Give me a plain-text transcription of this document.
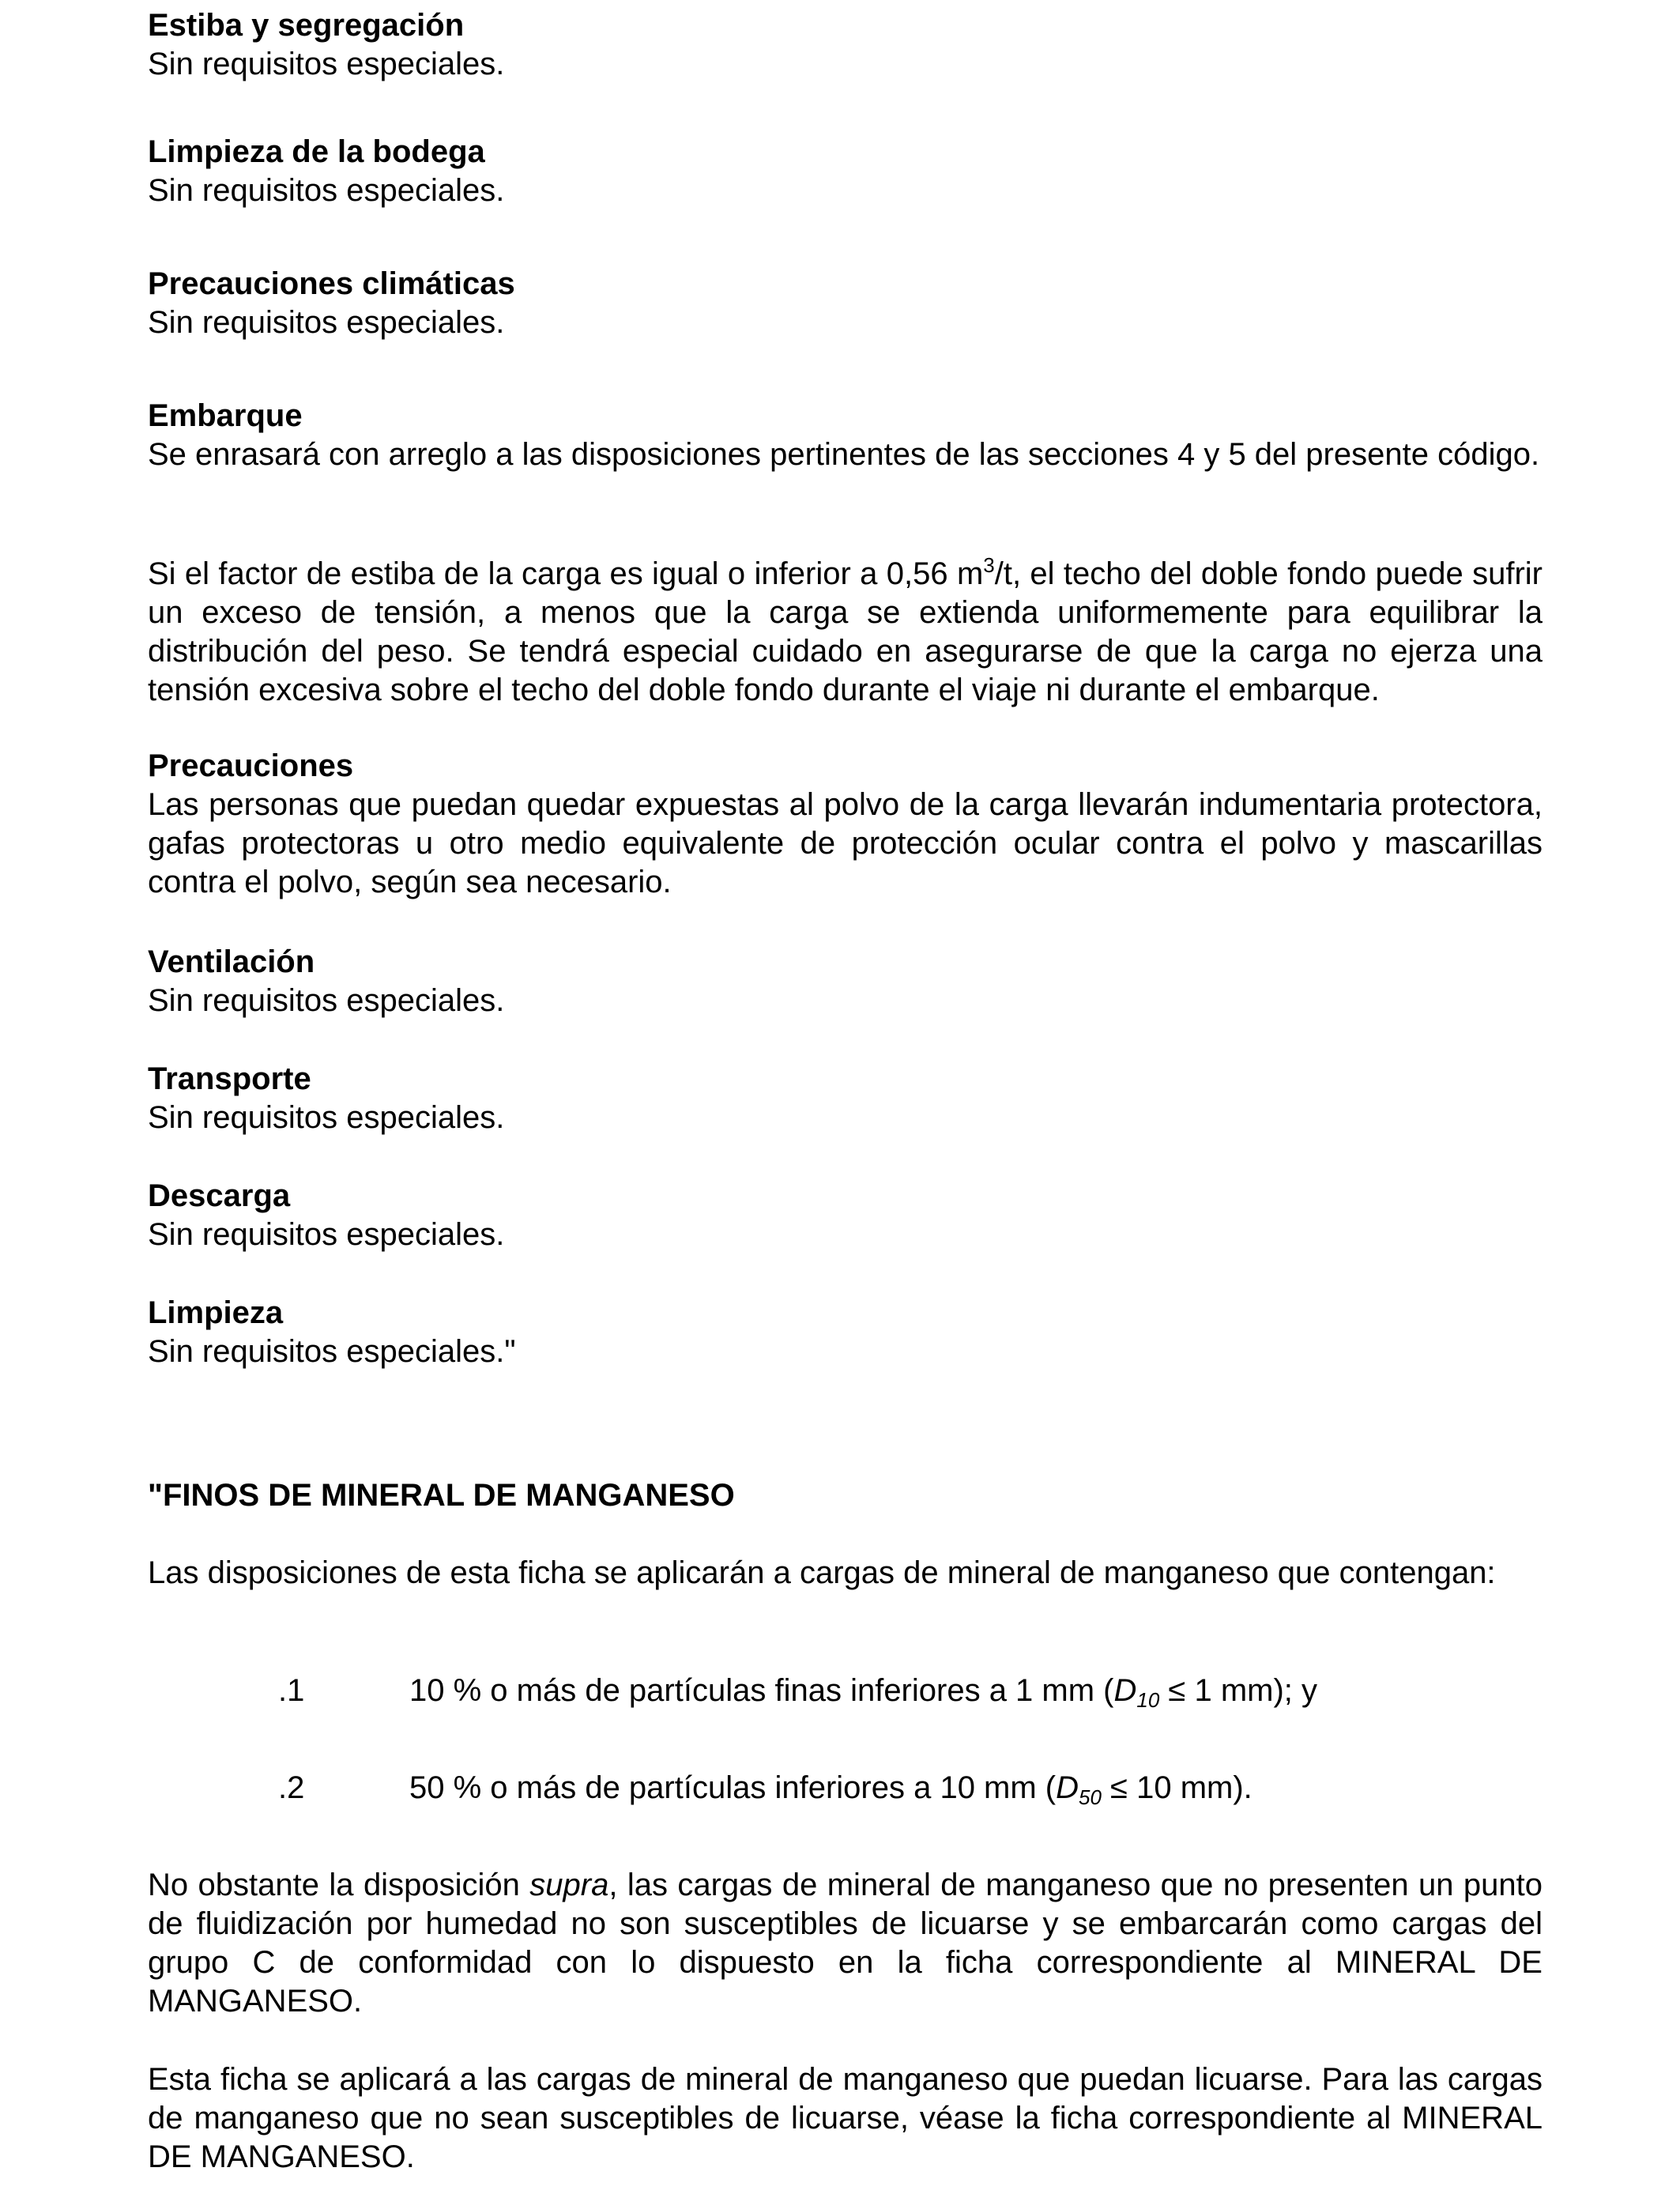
Estiba y segregación

Sin requisitos especiales.

Limpieza de la bodega

Sin requisitos especiales.

Precauciones climáticas

Sin requisitos especiales.

Embarque

Se enrasará con arreglo a las disposiciones pertinentes de las secciones 4 y 5 del presente código.

Si el factor de estiba de la carga es igual o inferior a 0,56 $m^3/t$, el techo del doble fondo puede sufrir un exceso de tensión, a menos que la carga se extienda uniformemente para equilibrar la distribución del peso. Se tendrá especial cuidado en asegurarse de que la carga no ejerza una tensión excesiva sobre el techo del doble fondo durante el viaje ni durante el embarque.

Precauciones

Las personas que puedan quedar expuestas al polvo de la carga llevarán indumentaria protectora, gafas protectoras u otro medio equivalente de protección ocular contra el polvo y mascarillas contra el polvo, según sea necesario.

Ventilación

Sin requisitos especiales.

Transporte

Sin requisitos especiales.

Descarga

Sin requisitos especiales.

Limpieza

Sin requisitos especiales."

"FINOS DE MINERAL DE MANGANESO

Las disposiciones de esta ficha se aplicarán a cargas de mineral de manganeso que contengan:

.1	10 % o más de partículas finas inferiores a 1 mm ($D_{10} \le 1$ mm); y

.2	50 % o más de partículas inferiores a 10 mm ($D_{50} \le 10$ mm).

No obstante la disposición supra, las cargas de mineral de manganeso que no presenten un punto de fluidización por humedad no son susceptibles de licuarse y se embarcarán como cargas del grupo C de conformidad con lo dispuesto en la ficha correspondiente al MINERAL DE MANGANESO.

Esta ficha se aplicará a las cargas de mineral de manganeso que puedan licuarse. Para las cargas de manganeso que no sean susceptibles de licuarse, véase la ficha correspondiente al MINERAL DE MANGANESO.
